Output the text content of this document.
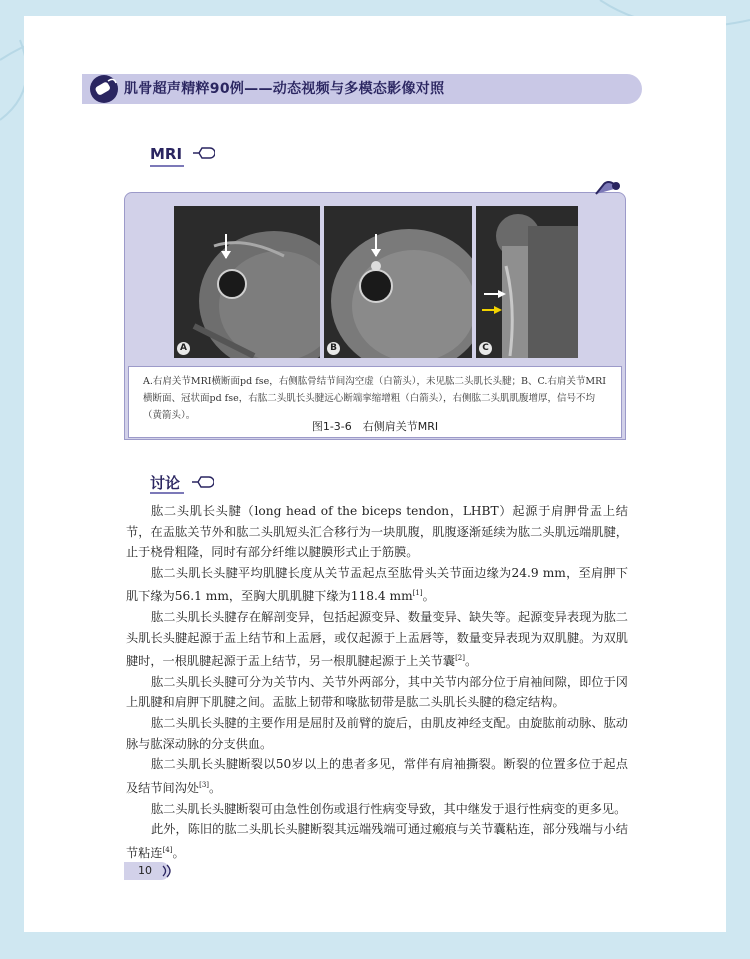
肌骨超声精粹90例——动态视频与多模态影像对照
MRI
A	B	C
A.右肩关节MRI横断面pd fse，右侧肱骨结节间沟空虚（白箭头），未见肱二头肌长头腱；B、C.右肩关节MRI横断面、冠状面pd fse，右肱二头肌长头腱远心断端挛缩增粗（白箭头），右侧肱二头肌肌腹增厚，信号不均（黄箭头）。
图1-3-6　右侧肩关节MRI
讨论

肱二头肌长头腱（long head of the biceps tendon，LHBT）起源于肩胛骨盂上结节，在盂肱关节外和肱二头肌短头汇合移行为一块肌腹，肌腹逐渐延续为肱二头肌远端肌腱，止于桡骨粗隆，同时有部分纤维以腱膜形式止于筋膜。

肱二头肌长头腱平均肌腱长度从关节盂起点至肱骨头关节面边缘为24.9 mm，至肩胛下肌下缘为56.1 mm，至胸大肌肌腱下缘为118.4 mm[1]。

肱二头肌长头腱存在解剖变异，包括起源变异、数量变异、缺失等。起源变异表现为肱二头肌长头腱起源于盂上结节和上盂唇，或仅起源于上盂唇等，数量变异表现为双肌腱。为双肌腱时，一根肌腱起源于盂上结节，另一根肌腱起源于上关节囊[2]。

肱二头肌长头腱可分为关节内、关节外两部分，其中关节内部分位于肩袖间隙，即位于冈上肌腱和肩胛下肌腱之间。盂肱上韧带和喙肱韧带是肱二头肌长头腱的稳定结构。

肱二头肌长头腱的主要作用是屈肘及前臂的旋后，由肌皮神经支配。由旋肱前动脉、肱动脉与肱深动脉的分支供血。

肱二头肌长头腱断裂以50岁以上的患者多见，常伴有肩袖撕裂。断裂的位置多位于起点及结节间沟处[3]。

肱二头肌长头腱断裂可由急性创伤或退行性病变导致，其中继发于退行性病变的更多见。

此外，陈旧的肱二头肌长头腱断裂其远端残端可通过瘢痕与关节囊粘连，部分残端与小结节粘连[4]。

10
